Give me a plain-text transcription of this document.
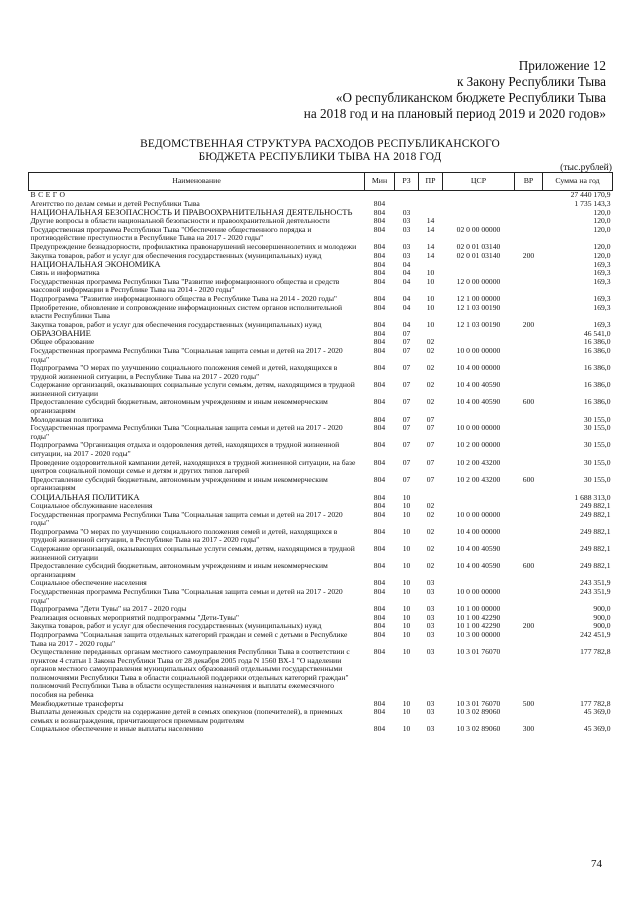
Приложение 12
к Закону Республики Тыва
«О республиканском бюджете Республики Тыва
на 2018 год и на плановый период 2019 и 2020 годов»
ВЕДОМСТВЕННАЯ СТРУКТУРА РАСХОДОВ РЕСПУБЛИКАНСКОГО
БЮДЖЕТА РЕСПУБЛИКИ ТЫВА НА 2018 ГОД
(тыс.рублей)
Наименование	Мин	РЗ	ПР	ЦСР	ВР	Сумма на год
ВСЕГО						27 440 170,9
Агентство по делам семьи и детей Республики Тыва	804					1 735 143,3
НАЦИОНАЛЬНАЯ БЕЗОПАСНОСТЬ И ПРАВООХРАНИТЕЛЬНАЯ ДЕЯТЕЛЬНОСТЬ	804	03				120,0
Другие вопросы в области национальной безопасности и правоохранительной деятельности	804	03	14			120,0
Государственная программа Республики Тыва "Обеспечение общественного порядка и противодействие преступности в Республике Тыва на 2017 - 2020 годы"	804	03	14	02 0 00 00000		120,0
Предупреждение безнадзорности, профилактика правонарушений несовершеннолетних и молодежи	804	03	14	02 0 01 03140		120,0
Закупка товаров, работ и услуг для обеспечения государственных (муниципальных) нужд	804	03	14	02 0 01 03140	200	120,0
НАЦИОНАЛЬНАЯ ЭКОНОМИКА	804	04				169,3
Связь и информатика	804	04	10			169,3
Государственная программа Республики Тыва "Развитие информационного общества и средств массовой информации в Республике Тыва на 2014 - 2020 годы"	804	04	10	12 0 00 00000		169,3
Подпрограмма "Развитие информационного общества в Республике Тыва на 2014 - 2020 годы"	804	04	10	12 1 00 00000		169,3
Приобретение, обновление и сопровождение информационных систем органов исполнительной власти Республики Тыва	804	04	10	12 1 03 00190		169,3
Закупка товаров, работ и услуг для обеспечения государственных (муниципальных) нужд	804	04	10	12 1 03 00190	200	169,3
ОБРАЗОВАНИЕ	804	07				46 541,0
Общее образование	804	07	02			16 386,0
Государственная программа Республики Тыва "Социальная защита семьи и детей на 2017 - 2020 годы"	804	07	02	10 0 00 00000		16 386,0
Подпрограмма "О мерах по улучшению социального положения семей и детей, находящихся в трудной жизненной ситуации, в Республике Тыва на 2017 - 2020 годы"	804	07	02	10 4 00 00000		16 386,0
Содержание организаций, оказывающих социальные услуги семьям, детям, находящимся в трудной жизненной ситуации	804	07	02	10 4 00 40590		16 386,0
Предоставление субсидий бюджетным, автономным учреждениям и иным некоммерческим организациям	804	07	02	10 4 00 40590	600	16 386,0
Молодежная политика	804	07	07			30 155,0
Государственная программа Республики Тыва "Социальная защита семьи и детей на 2017 - 2020 годы"	804	07	07	10 0 00 00000		30 155,0
Подпрограмма "Организация отдыха и оздоровления детей, находящихся в трудной жизненной ситуации, на 2017 - 2020 годы"	804	07	07	10 2 00 00000		30 155,0
Проведение оздоровительной кампании детей, находящихся в трудной жизненной ситуации, на базе центров социальной помощи семье и детям и других типов лагерей	804	07	07	10 2 00 43200		30 155,0
Предоставление субсидий бюджетным, автономным учреждениям и иным некоммерческим организациям	804	07	07	10 2 00 43200	600	30 155,0
СОЦИАЛЬНАЯ ПОЛИТИКА	804	10				1 688 313,0
Социальное обслуживание населения	804	10	02			249 882,1
Государственная программа Республики Тыва "Социальная защита семьи и детей на 2017 - 2020 годы"	804	10	02	10 0 00 00000		249 882,1
Подпрограмма "О мерах по улучшению социального положения семей и детей, находящихся в трудной жизненной ситуации, в Республике Тыва на 2017 - 2020 годы"	804	10	02	10 4 00 00000		249 882,1
Содержание организаций, оказывающих социальные услуги семьям, детям, находящимся в трудной жизненной ситуации	804	10	02	10 4 00 40590		249 882,1
Предоставление субсидий бюджетным, автономным учреждениям и иным некоммерческим организациям	804	10	02	10 4 00 40590	600	249 882,1
Социальное обеспечение населения	804	10	03			243 351,9
Государственная программа Республики Тыва "Социальная защита семьи и детей на 2017 - 2020 годы"	804	10	03	10 0 00 00000		243 351,9
Подпрограмма "Дети Тувы" на 2017 - 2020 годы	804	10	03	10 1 00 00000		900,0
Реализация основных мероприятий подпрограммы "Дети-Тувы"	804	10	03	10 1 00 42290		900,0
Закупка товаров, работ и услуг для обеспечения государственных (муниципальных) нужд	804	10	03	10 1 00 42290	200	900,0
Подпрограмма "Социальная защита отдельных категорий граждан и семей с детьми в Республике Тыва на 2017 - 2020 годы"	804	10	03	10 3 00 00000		242 451,9
Осуществление переданных органам местного самоуправления Республики Тыва в соответствии с пунктом 4 статьи 1 Закона Республики Тыва от 28 декабря 2005 года N 1560 ВХ-1 "О наделении органов местного самоуправления муниципальных образований отдельными государственными полномочиями Республики Тыва в области социальной поддержки отдельных категорий граждан" полномочий Республики Тыва в области осуществления назначения и выплаты ежемесячного пособия на ребенка	804	10	03	10 3 01 76070		177 782,8
Межбюджетные трансферты	804	10	03	10 3 01 76070	500	177 782,8
Выплаты денежных средств на содержание детей в семьях опекунов (попечителей), в приемных семьях и вознаграждения, причитающегося приемным родителям	804	10	03	10 3 02 89060		45 369,0
Социальное обеспечение и иные выплаты населению	804	10	03	10 3 02 89060	300	45 369,0
74
